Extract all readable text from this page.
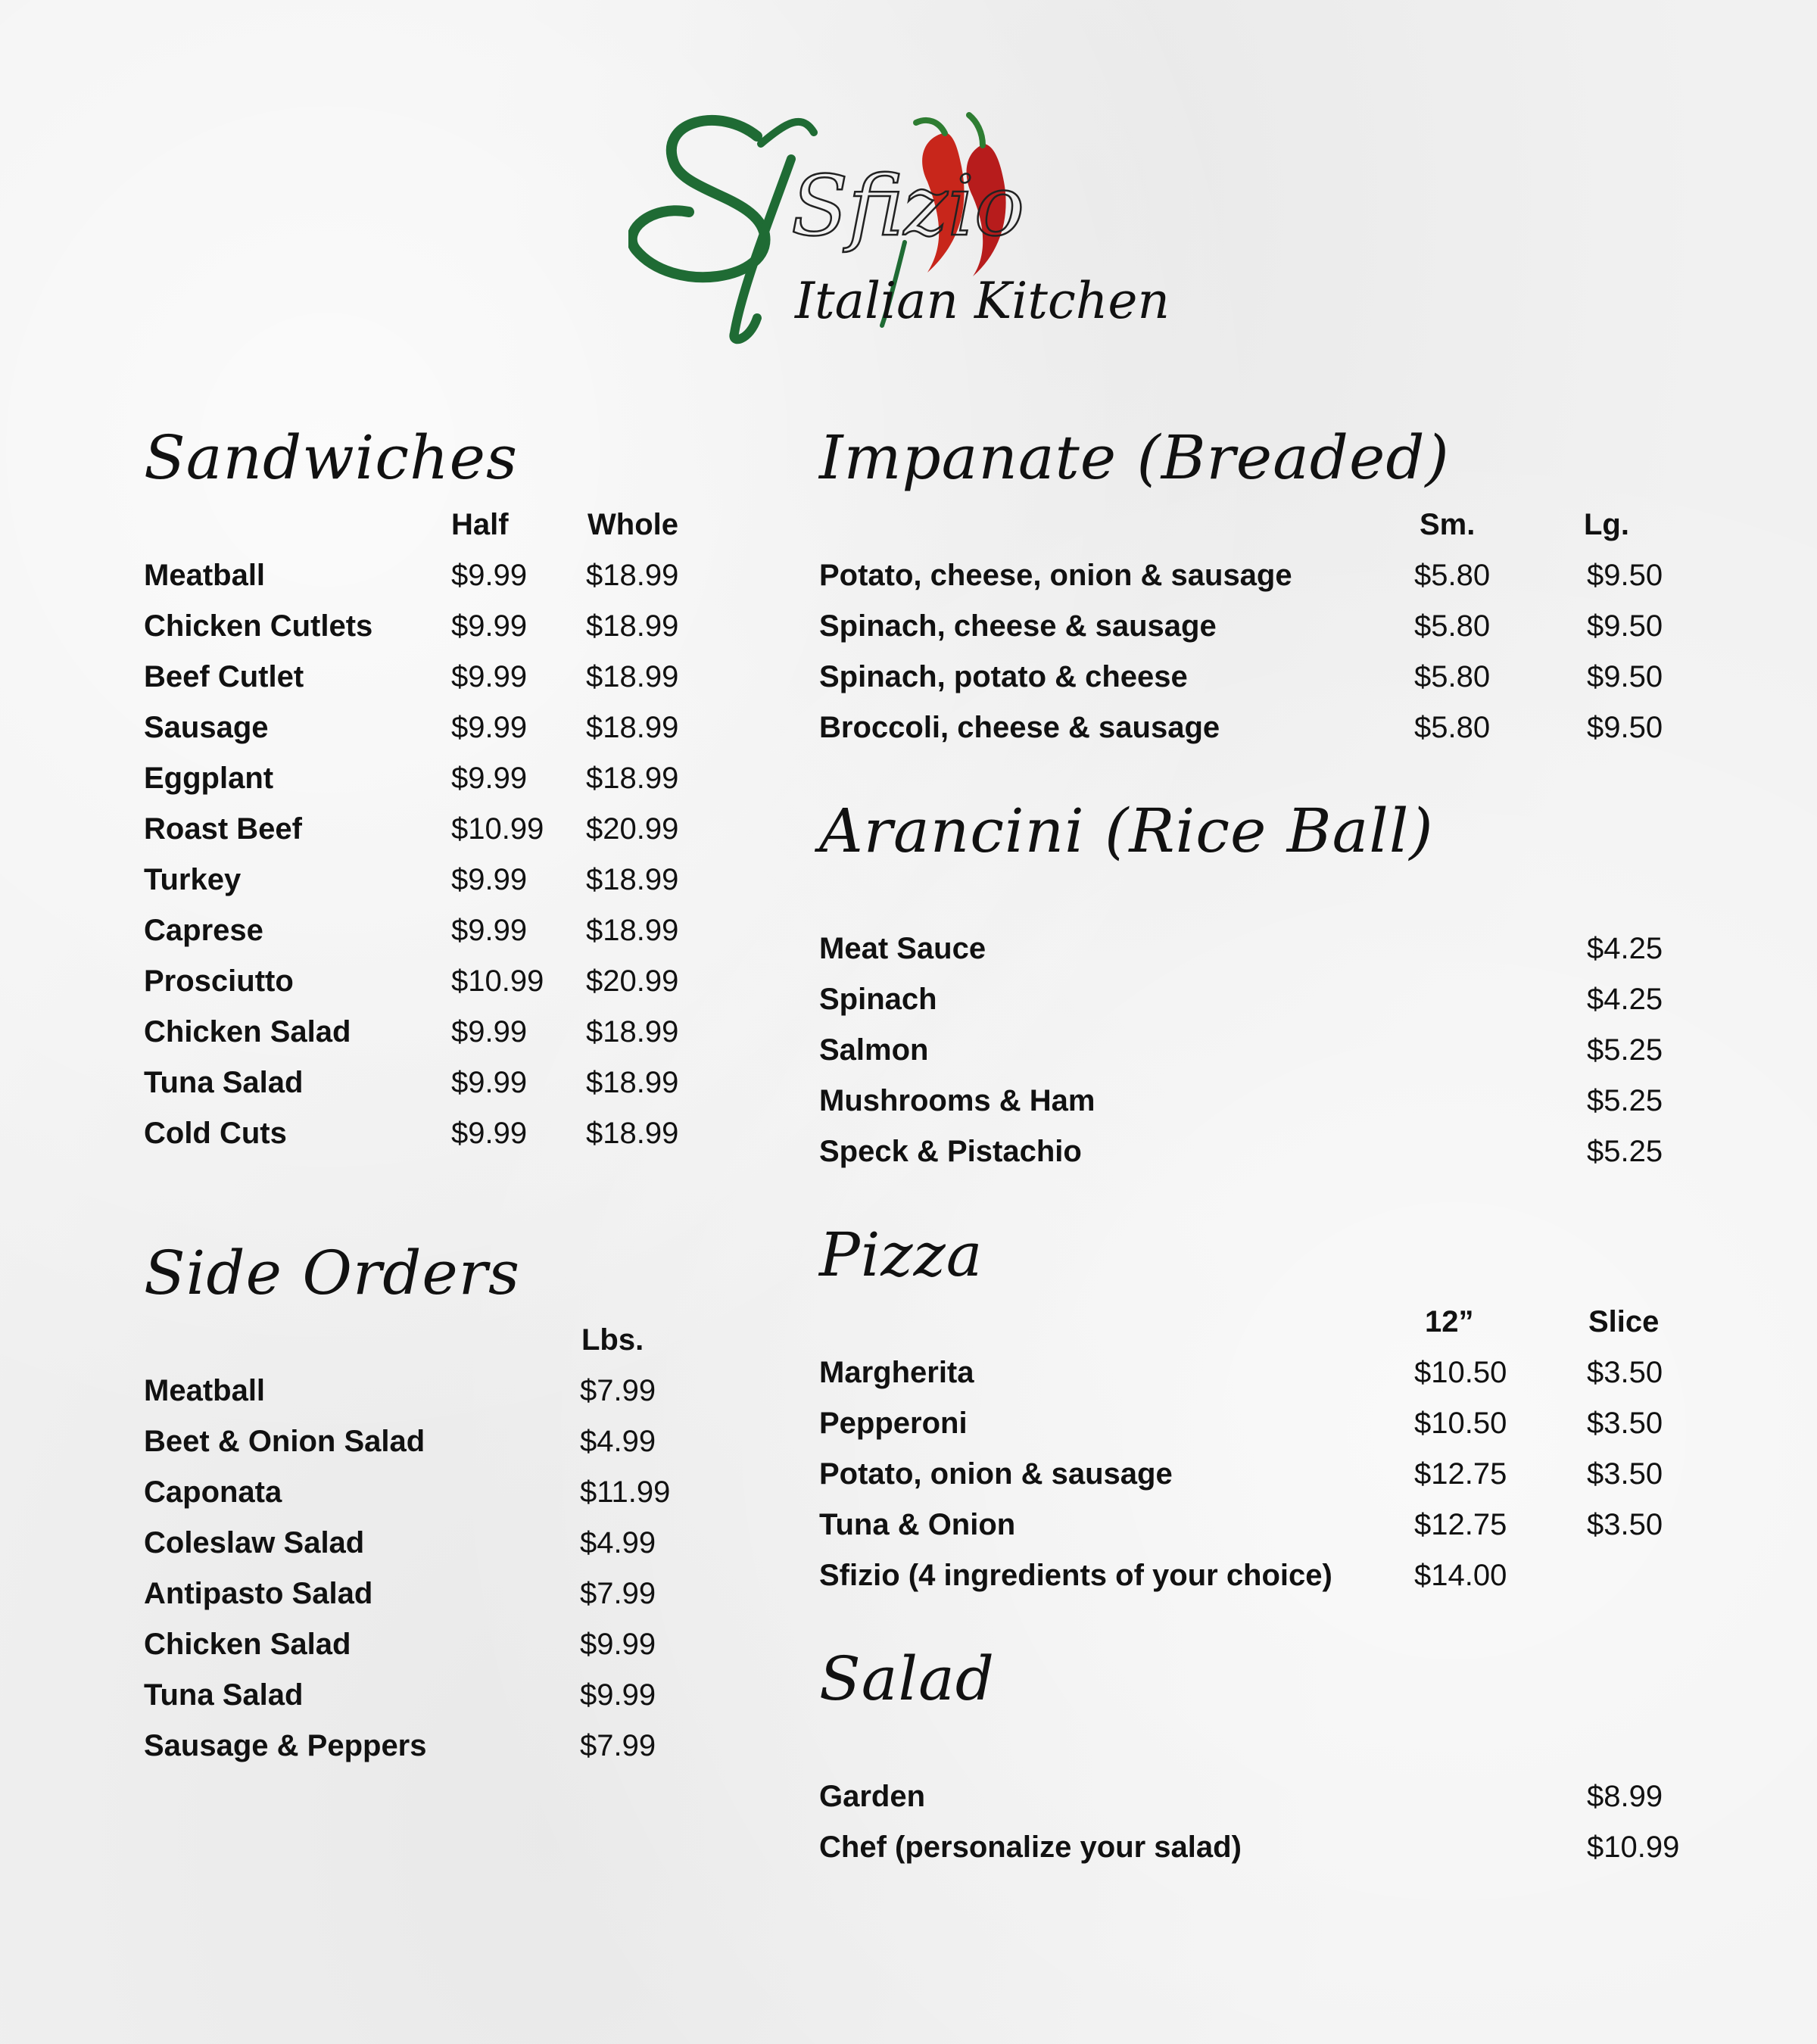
Sfizio
Italian Kitchen
Sandwiches
Half	Whole
Meatball	$9.99 $18.99
Chicken Cutlets	$9.99 $18.99
Beef Cutlet	$9.99 $18.99
Sausage	$9.99 $18.99
Eggplant	$9.99 $18.99
Roast Beef	$10.99 $20.99
Turkey	$9.99 $18.99
Caprese	$9.99 $18.99
Prosciutto	$10.99 $20.99
Chicken Salad	$9.99 $18.99
Tuna Salad	$9.99 $18.99
Cold Cuts	$9.99 $18.99
Side Orders
Lbs.
Meatball	$7.99
Beet & Onion Salad	$4.99
Caponata	$11.99
Coleslaw Salad	$4.99
Antipasto Salad	$7.99
Chicken Salad	$9.99
Tuna Salad	$9.99
Sausage & Peppers	$7.99
Impanate (Breaded)
Sm.	Lg.
Potato, cheese, onion & sausage	$5.80	$9.50
Spinach, cheese & sausage	$5.80	$9.50
Spinach, potato & cheese	$5.80	$9.50
Broccoli, cheese & sausage	$5.80	$9.50
Arancini (Rice Ball)
Meat Sauce	$4.25
Spinach	$4.25
Salmon	$5.25
Mushrooms & Ham	$5.25
Speck & Pistachio	$5.25
Pizza
12”	Slice
Margherita	$10.50	$3.50
Pepperoni	$10.50	$3.50
Potato, onion & sausage	$12.75	$3.50
Tuna & Onion	$12.75	$3.50
Sfizio (4 ingredients of your choice)	$14.00
Salad
Garden	$8.99
Chef (personalize your salad)	$10.99
